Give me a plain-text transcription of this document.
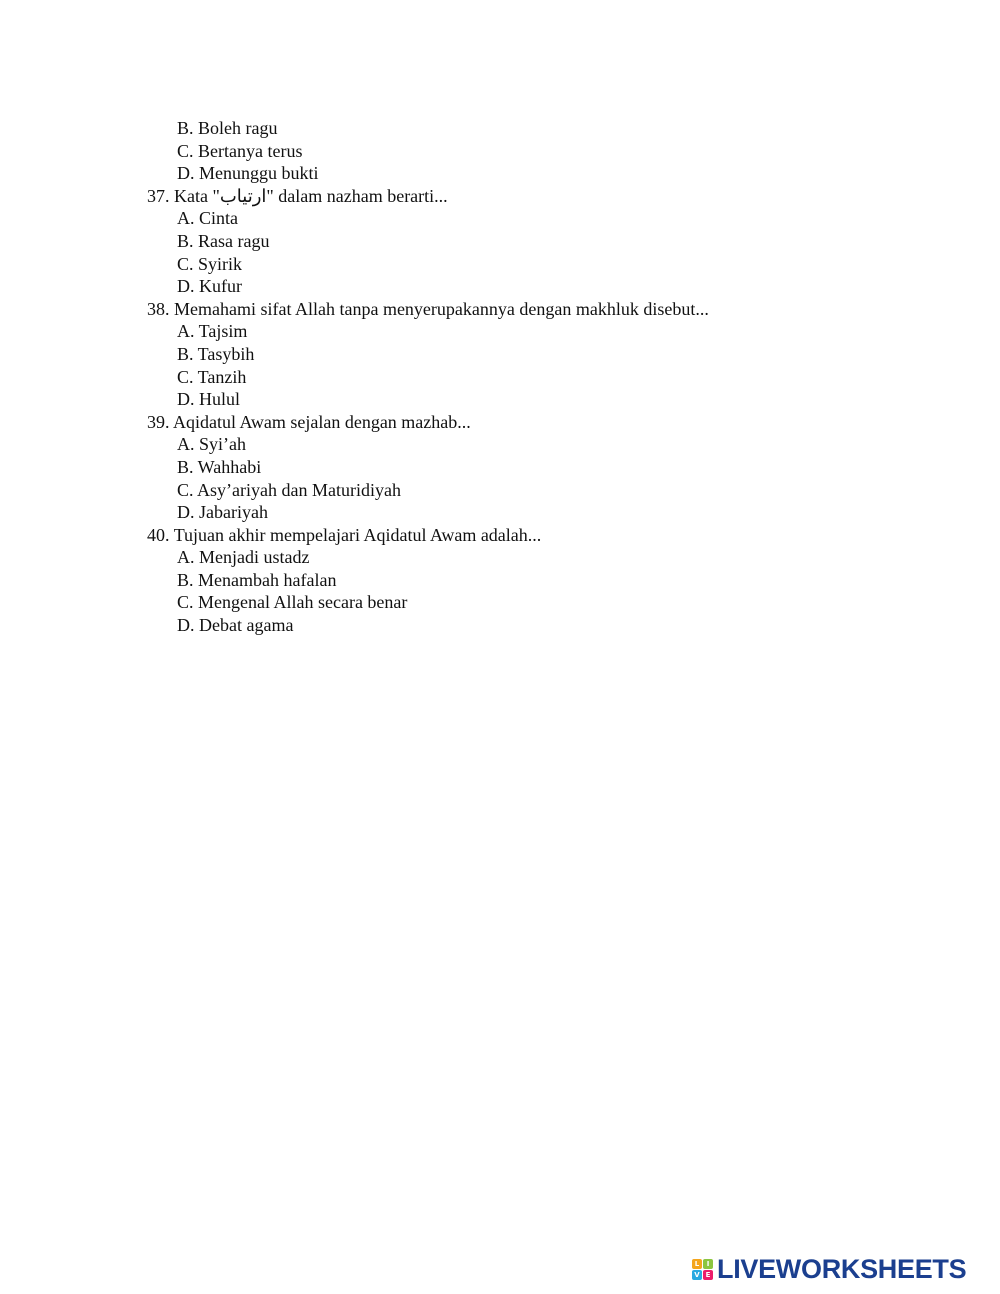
B. Boleh ragu
C. Bertanya terus
D. Menunggu bukti
37. Kata "ارتياب" dalam nazham berarti...
A. Cinta
B. Rasa ragu
C. Syirik
D. Kufur
38. Memahami sifat Allah tanpa menyerupakannya dengan makhluk disebut...
A. Tajsim
B. Tasybih
C. Tanzih
D. Hulul
39. Aqidatul Awam sejalan dengan mazhab...
A. Syi’ah
B. Wahhabi
C. Asy’ariyah dan Maturidiyah
D. Jabariyah
40. Tujuan akhir mempelajari Aqidatul Awam adalah...
A. Menjadi ustadz
B. Menambah hafalan
C. Mengenal Allah secara benar
D. Debat agama
L	I
V E LIVEWORKSHEETS
